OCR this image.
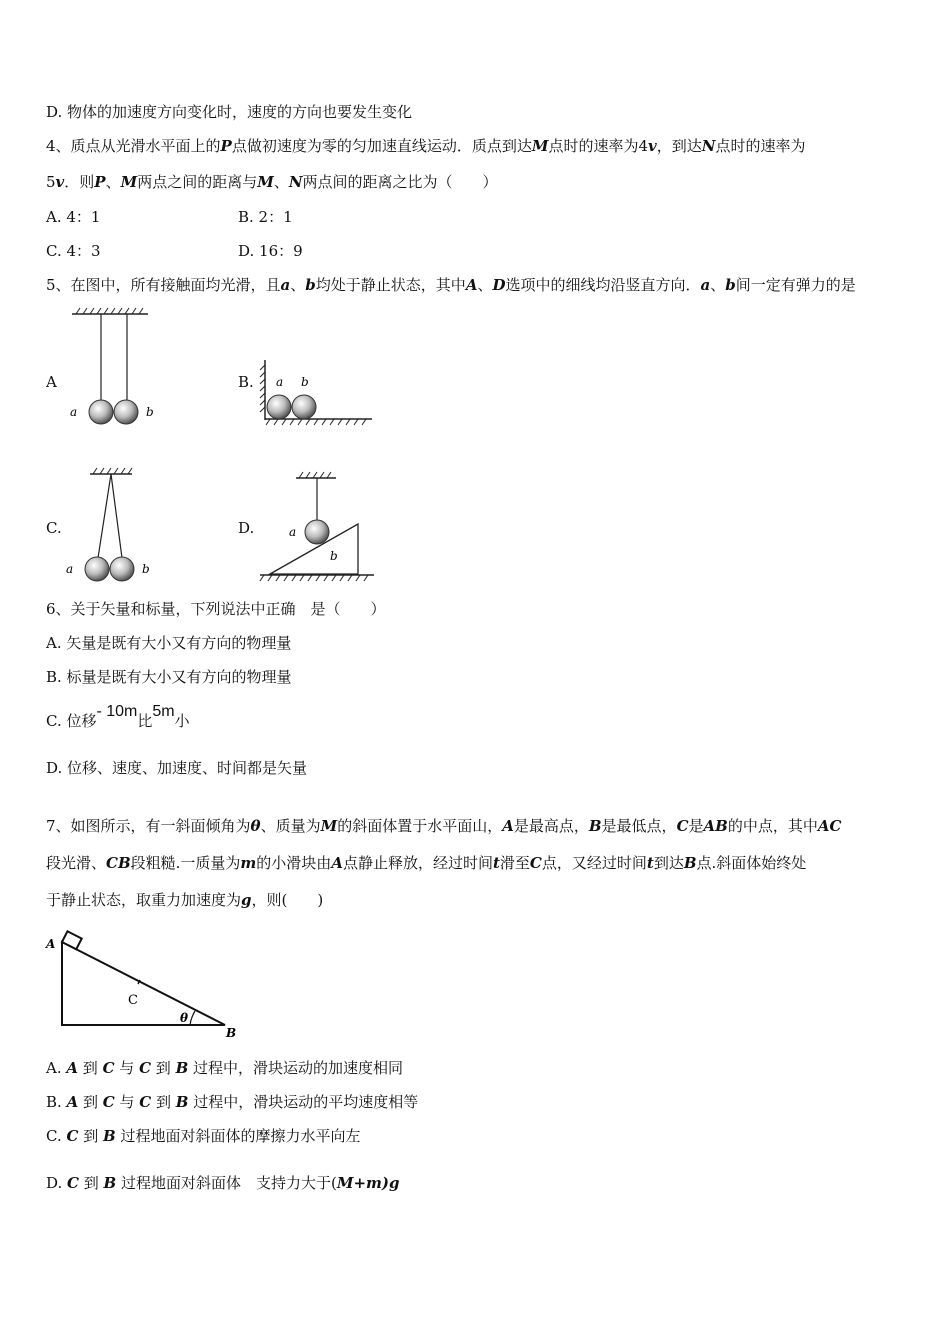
D. 物体的加速度方向变化时，速度的方向也要发生变化
4、质点从光滑水平面上的P点做初速度为零的匀加速直线运动．质点到达M点时的速率为4v，到达N点时的速率为
5v．则P、M两点之间的距离与M、N两点间的距离之比为（　　）
A. 4：1	B. 2：1
C. 4：3	D. 16：9
5、在图中，所有接触面均光滑，且a、b均处于静止状态，其中A、D选项中的细线均沿竖直方向．a、b间一定有弹力的是
A	B.
C.	D.
a	b
a b
a	b
a
b
6、关于矢量和标量，下列说法中正确　是（　　）
A. 矢量是既有大小又有方向的物理量
B. 标量是既有大小又有方向的物理量
C. 位移- 10m比5m小
D. 位移、速度、加速度、时间都是矢量
7、如图所示，有一斜面倾角为θ、质量为M的斜面体置于水平面山，A是最高点，B是最低点，C是AB的中点，其中AC
段光滑、CB段粗糙.一质量为m的小滑块由A点静止释放，经过时间t滑至C点，又经过时间t到达B点.斜面体始终处
于静止状态，取重力加速度为g，则(　　)
A
B
C
θ
A. A 到 C 与 C 到 B 过程中，滑块运动的加速度相同
B. A 到 C 与 C 到 B 过程中，滑块运动的平均速度相等
C. C 到 B 过程地面对斜面体的摩擦力水平向左
D. C 到 B 过程地面对斜面体　支持力大于(M+m)g
